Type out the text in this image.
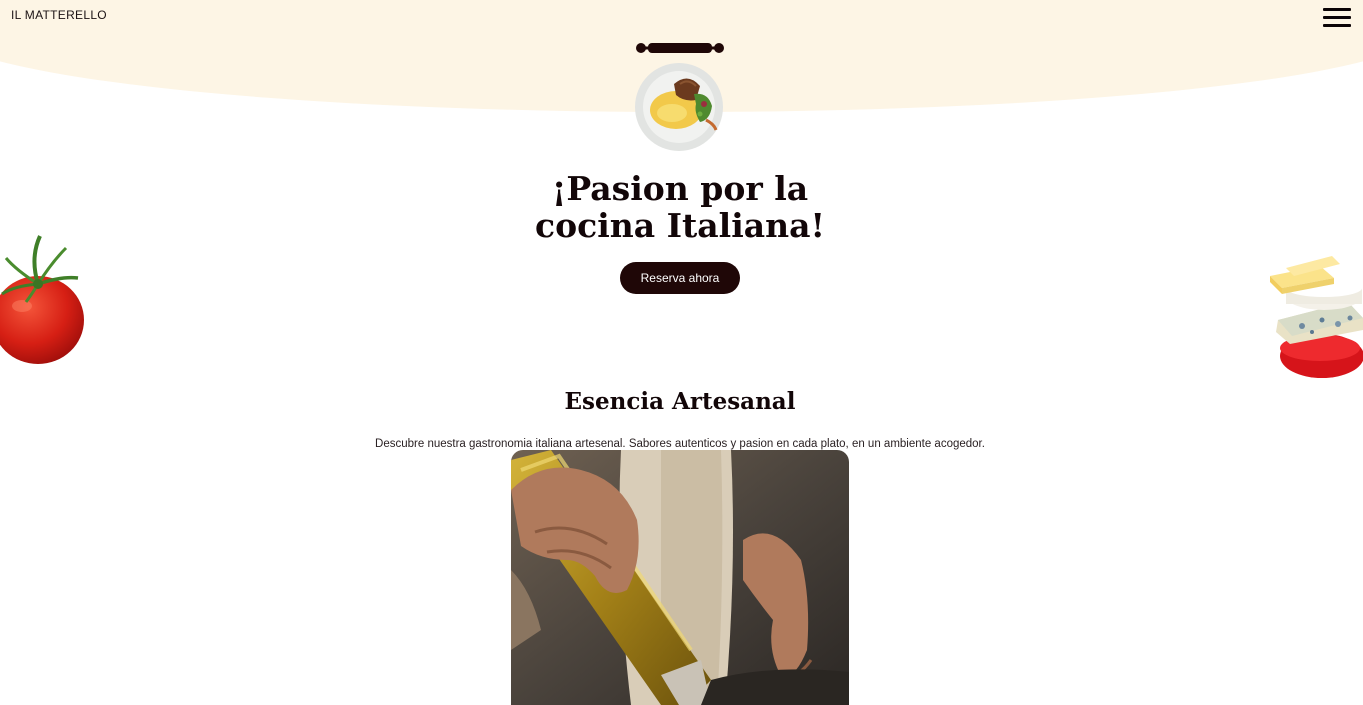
IL MATTERELLO
¡Pasion por la
cocina Italiana!
Reserva ahora
Esencia Artesanal

Descubre nuestra gastronomia italiana artesenal. Sabores autenticos y pasion en cada plato, en un ambiente acogedor.
